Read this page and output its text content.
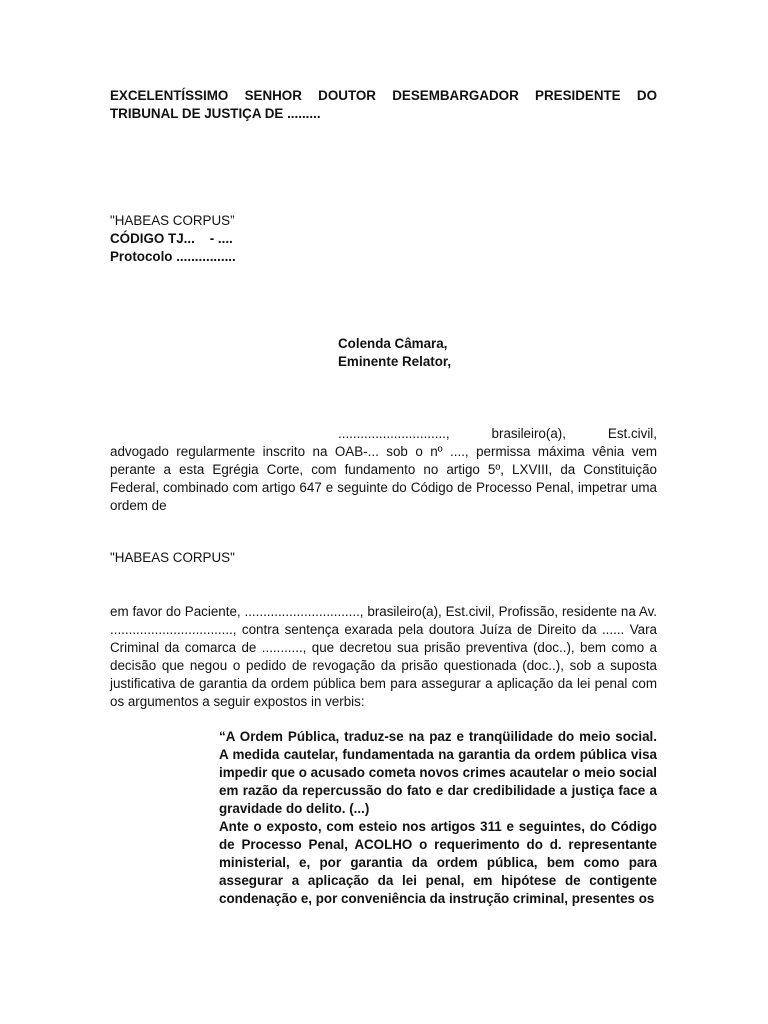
EXCELENTÍSSIMO SENHOR DOUTOR DESEMBARGADOR PRESIDENTE DO TRIBUNAL DE JUSTIÇA DE .........

"HABEAS CORPUS”

CÓDIGO TJ...    - ....

Protocolo ................

Colenda Câmara,

Eminente Relator,

.............................,           brasileiro(a),           Est.civil,

advogado regularmente inscrito na OAB-... sob o nº ...., permissa máxima vênia vem perante a esta Egrégia Corte, com fundamento no artigo 5º, LXVIII, da Constituição Federal, combinado com artigo 647 e seguinte do Código de Processo Penal, impetrar uma ordem de

"HABEAS CORPUS"

em favor do Paciente, ..............................., brasileiro(a), Est.civil, Profissão, residente na Av. ................................., contra sentença exarada pela doutora Juíza de Direito da ...... Vara Criminal da comarca de ..........., que decretou sua prisão preventiva (doc..), bem como a decisão que negou o pedido de revogação da prisão questionada (doc..), sob a suposta justificativa de garantia da ordem pública bem para assegurar a aplicação da lei penal com os argumentos a seguir expostos in verbis:

“A Ordem Pública, traduz-se na paz e tranqüilidade do meio social. A medida cautelar, fundamentada na garantia da ordem pública visa impedir que o acusado cometa novos crimes acautelar o meio social em razão da repercussão do fato e dar credibilidade a justiça face a gravidade do delito. (...)

Ante o exposto, com esteio nos artigos 311 e seguintes, do Código de Processo Penal, ACOLHO o requerimento do d. representante ministerial, e, por garantia da ordem pública, bem como para assegurar a aplicação da lei penal, em hipótese de contigente condenação e, por conveniência da instrução criminal, presentes os
